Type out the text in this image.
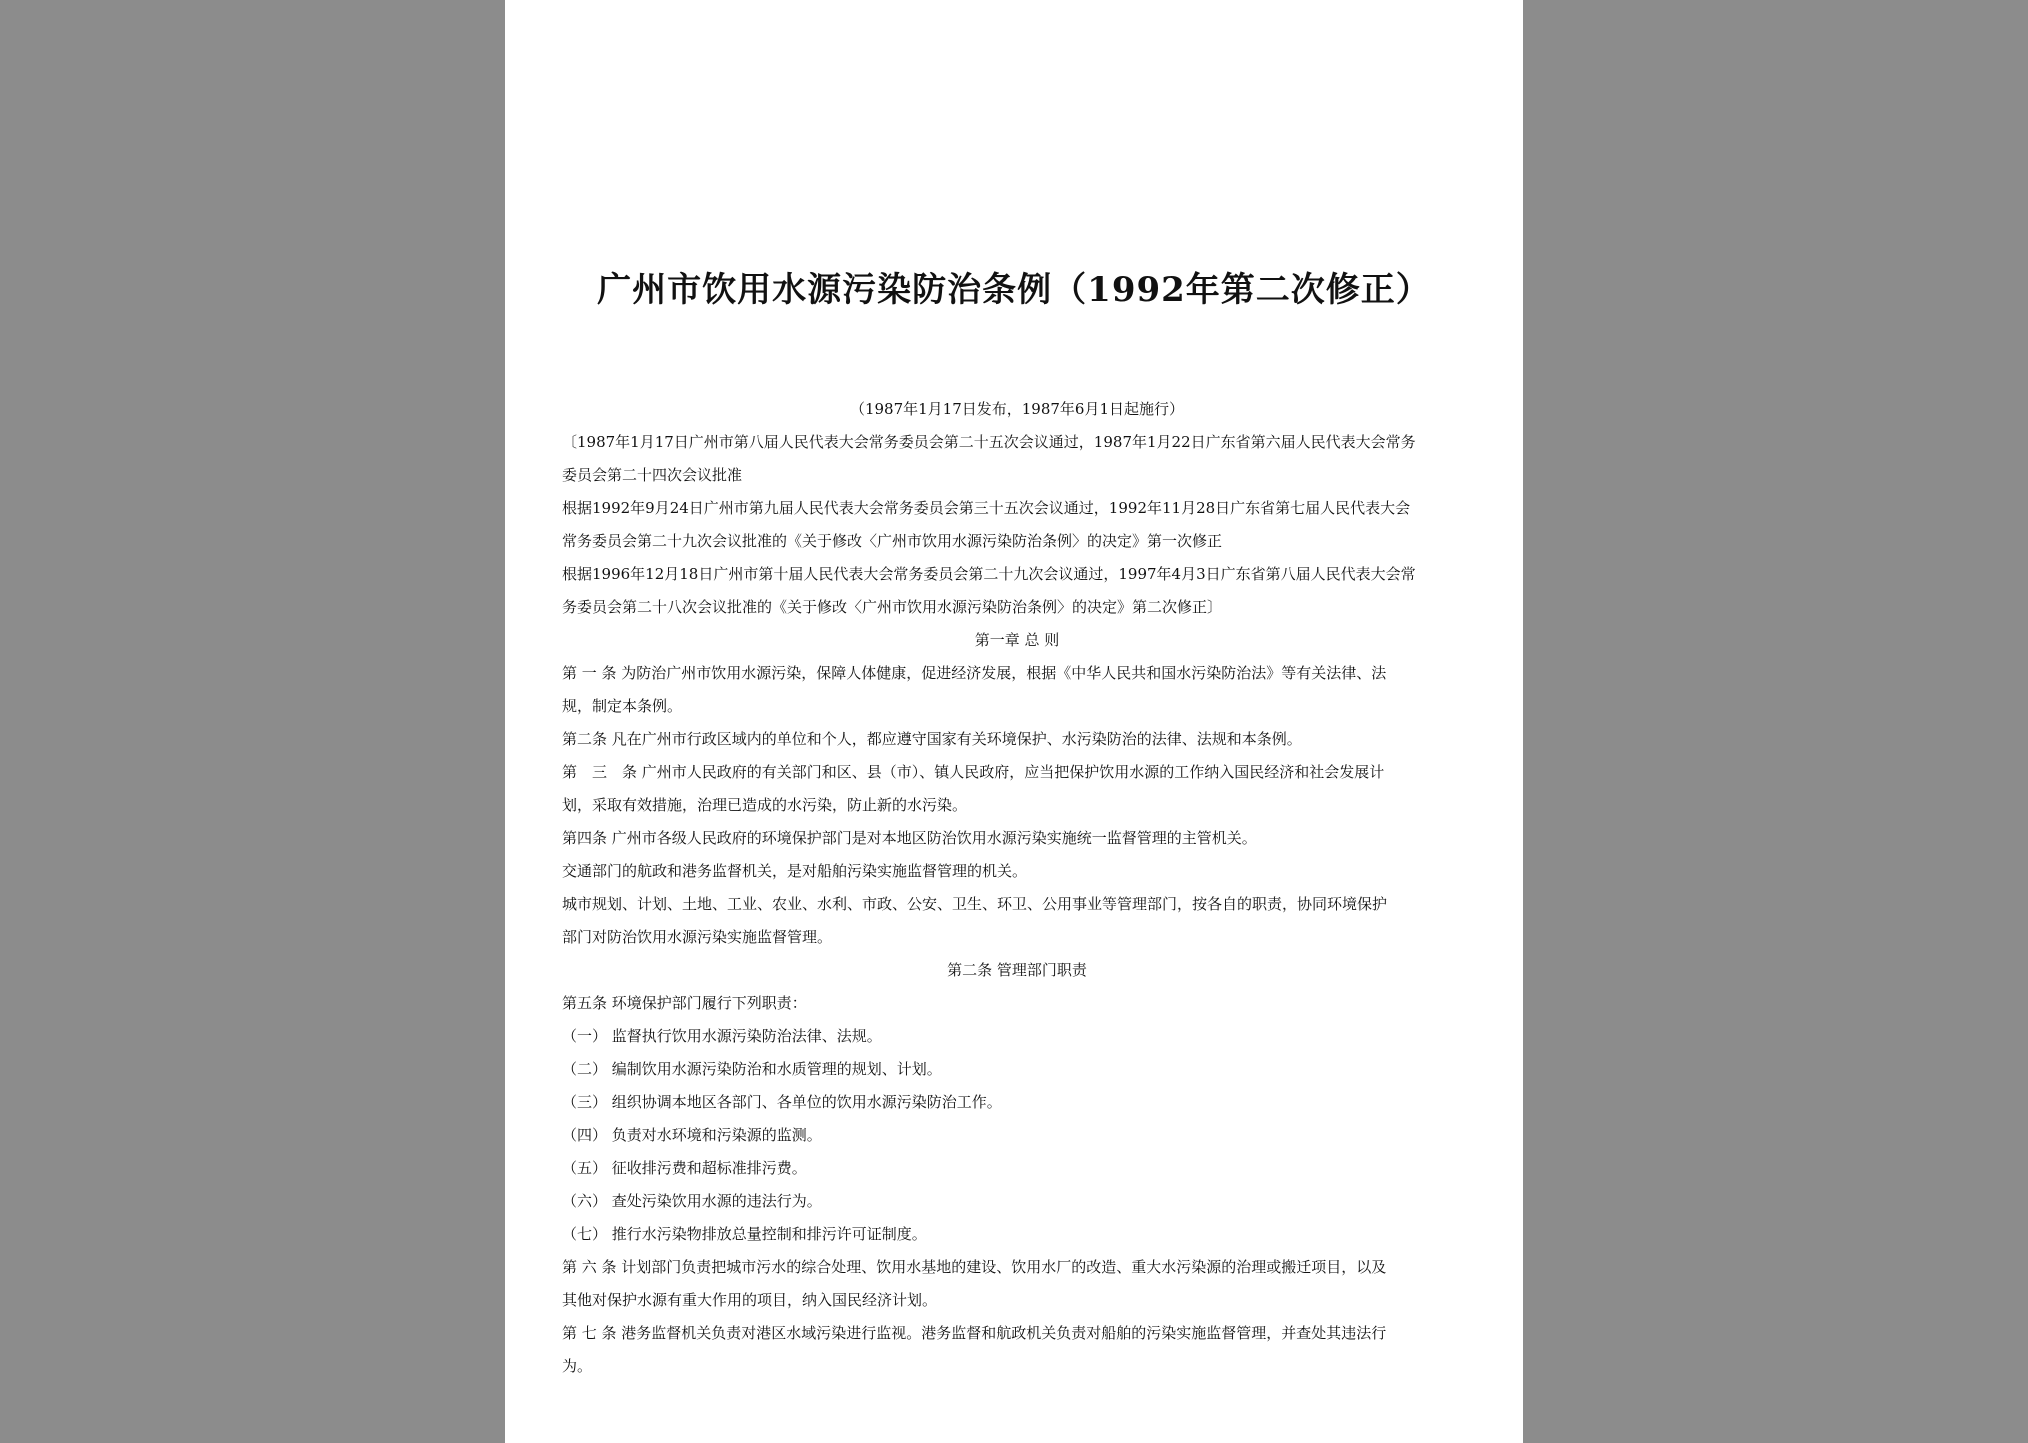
广州市饮用水源污染防治条例（1992年第二次修正）
（1987年1月17日发布，1987年6月1日起施行）
〔1987年1月17日广州市第八届人民代表大会常务委员会第二十五次会议通过，1987年1月22日广东省第六届人民代表大会常务
委员会第二十四次会议批准
根据1992年9月24日广州市第九届人民代表大会常务委员会第三十五次会议通过，1992年11月28日广东省第七届人民代表大会
常务委员会第二十九次会议批准的《关于修改〈广州市饮用水源污染防治条例〉的决定》第一次修正
根据1996年12月18日广州市第十届人民代表大会常务委员会第二十九次会议通过，1997年4月3日广东省第八届人民代表大会常
务委员会第二十八次会议批准的《关于修改〈广州市饮用水源污染防治条例〉的决定》第二次修正〕
第一章 总 则
第 一 条 为防治广州市饮用水源污染，保障人体健康，促进经济发展，根据《中华人民共和国水污染防治法》等有关法律、法
规，制定本条例。
第二条 凡在广州市行政区域内的单位和个人，都应遵守国家有关环境保护、水污染防治的法律、法规和本条例。
第　三　条 广州市人民政府的有关部门和区、县（市）、镇人民政府，应当把保护饮用水源的工作纳入国民经济和社会发展计
划，采取有效措施，治理已造成的水污染，防止新的水污染。
第四条 广州市各级人民政府的环境保护部门是对本地区防治饮用水源污染实施统一监督管理的主管机关。
交通部门的航政和港务监督机关，是对船舶污染实施监督管理的机关。
城市规划、计划、土地、工业、农业、水利、市政、公安、卫生、环卫、公用事业等管理部门，按各自的职责，协同环境保护
部门对防治饮用水源污染实施监督管理。
第二条 管理部门职责
第五条 环境保护部门履行下列职责：
（一） 监督执行饮用水源污染防治法律、法规。
（二） 编制饮用水源污染防治和水质管理的规划、计划。
（三） 组织协调本地区各部门、各单位的饮用水源污染防治工作。
（四） 负责对水环境和污染源的监测。
（五） 征收排污费和超标准排污费。
（六） 查处污染饮用水源的违法行为。
（七） 推行水污染物排放总量控制和排污许可证制度。
第 六 条 计划部门负责把城市污水的综合处理、饮用水基地的建设、饮用水厂的改造、重大水污染源的治理或搬迁项目，以及
其他对保护水源有重大作用的项目，纳入国民经济计划。
第 七 条 港务监督机关负责对港区水域污染进行监视。港务监督和航政机关负责对船舶的污染实施监督管理，并查处其违法行
为。
